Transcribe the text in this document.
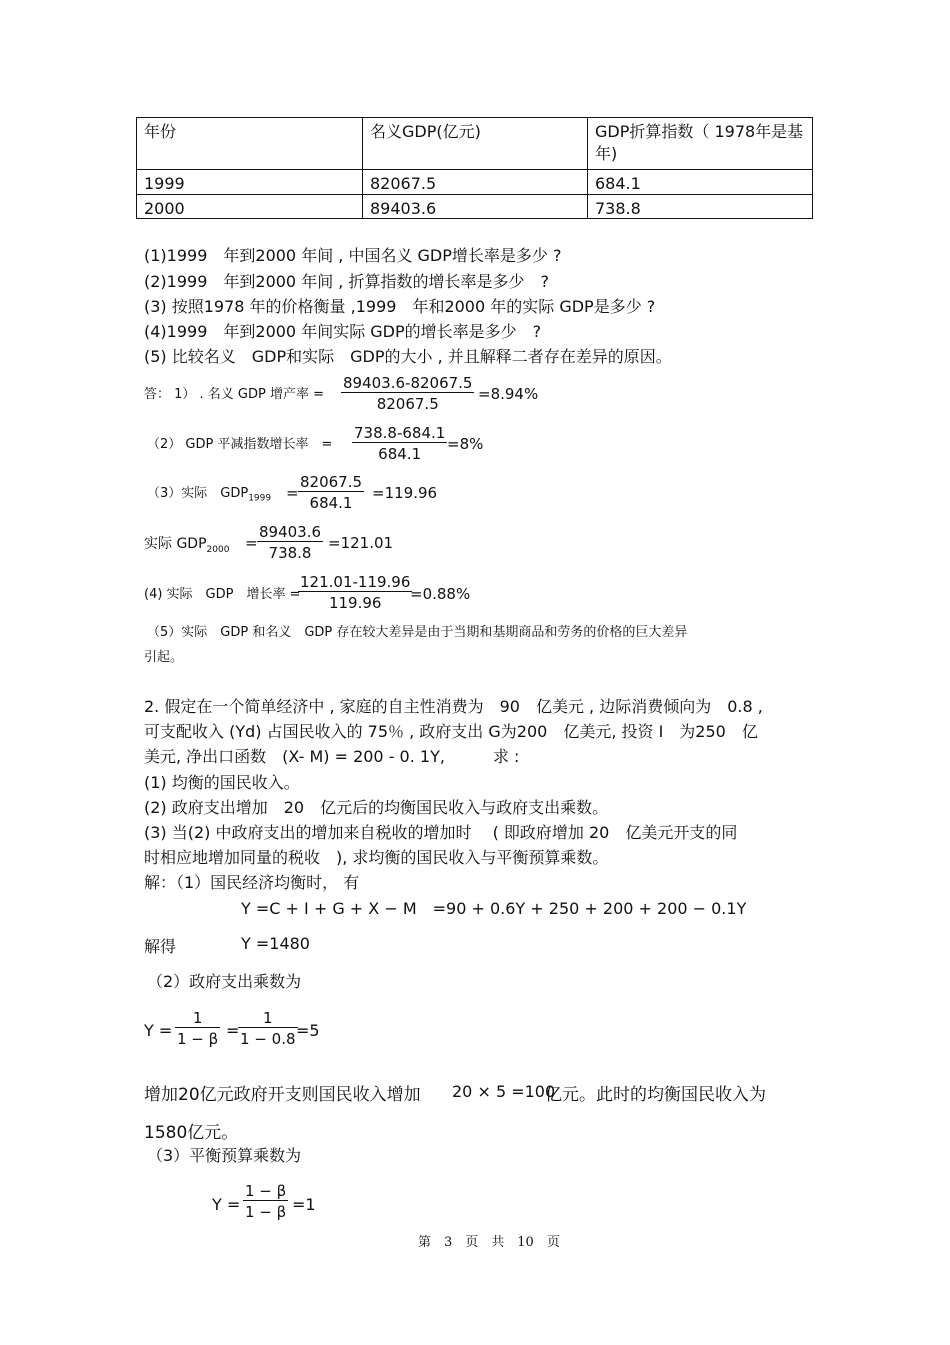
年份	名义GDP(亿元)	GDP折算指数（ 1978年是基年)
1999	82067.5	684.1
2000	89403.6	738.8
(1)1999　年到2000 年间 , 中国名义 GDP增长率是多少 ?
(2)1999　年到2000 年间 , 折算指数的增长率是多少　?
(3) 按照1978 年的价格衡量 ,1999　年和2000 年的实际 GDP是多少 ?
(4)1999　年到2000 年间实际 GDP的增长率是多少　?
(5) 比较名义　GDP和实际　GDP的大小 , 并且解释二者存在差异的原因。
答： 1） . 名义 GDP 增产率 = $\frac{89403.6-82067.5}{82067.5} =8.94\%$
（2） GDP 平减指数增长率　= $\frac{738.8-684.1}{684.1} =8\%$
（3）实际　$GDP_{1999} = \frac{82067.5}{684.1} =119.96$
实际 $GDP_{2000} = \frac{89403.6}{738.8} =121.01$
(4) 实际　GDP　增长率 =
$\frac{121.01-119.96}{119.96}$
=0.88%
（5）实际　GDP 和名义　GDP 存在较大差异是由于当期和基期商品和劳务的价格的巨大差异
引起。
2. 假定在一个简单经济中 , 家庭的自主性消费为　90　亿美元 , 边际消费倾向为　0.8 ,
可支配收入 (Yd) 占国民收入的 75％ , 政府支出 G为200　亿美元, 投资 I　为250　亿
美元, 净出口函数　(X- M) = 200 - 0. 1Y,　　　求 :
(1) 均衡的国民收入。
(2) 政府支出增加　20　亿元后的均衡国民收入与政府支出乘数。
(3) 当(2) 中政府支出的增加来自税收的增加时　 ( 即政府增加 20　亿美元开支的同
时相应地增加同量的税收　), 求均衡的国民收入与平衡预算乘数。
解：（1）国民经济均衡时， 有
Y =C + I + G + X − M　=90 + 0.6Y + 250 + 200 + 200 − 0.1Y
解得	Y =1480
（2）政府支出乘数为
$Y = \frac{1}{1 - \beta}$ =
$\frac{1}{1 - 0.8}$
=5
增加20亿元政府开支则国民收入增加 20 × 5 =100
亿元。此时的均衡国民收入为
1580亿元。
（3）平衡预算乘数为
$Y = \frac{1 - \beta}{1 - \beta} =1$
第　3　页　共　10　页
